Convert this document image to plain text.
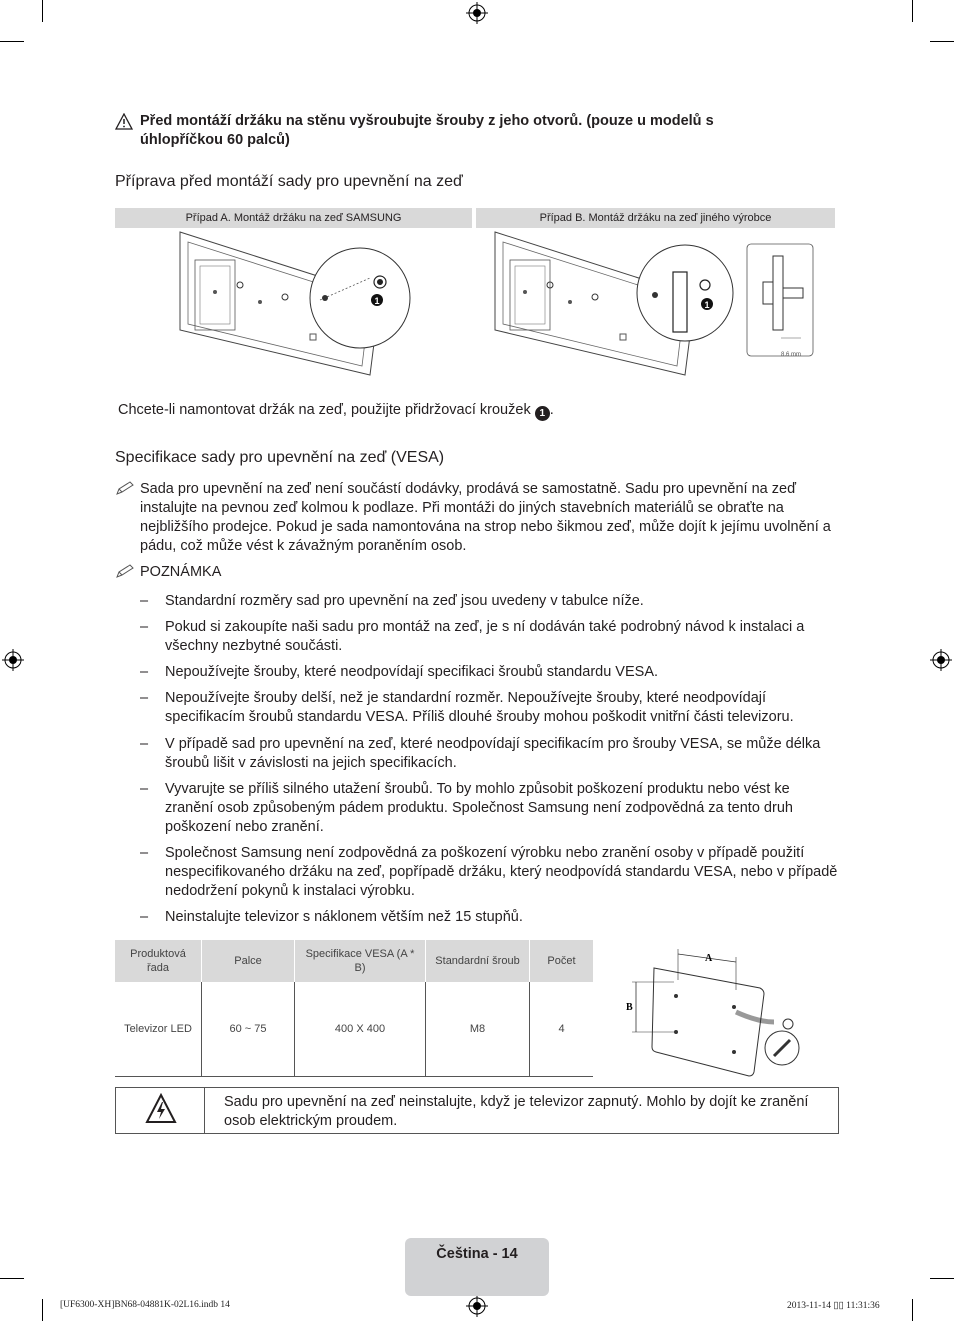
Před montáží držáku na stěnu vyšroubujte šrouby z jeho otvorů. (pouze u modelů s úhlopříčkou 60 palců)
Příprava před montáží sady pro upevnění na zeď
Případ A. Montáž držáku na zeď SAMSUNG	Případ B. Montáž držáku na zeď jiného výrobce
1	1
8.6 mm
Chcete-li namontovat držák na zeď, použijte přidržovací kroužek 1 .
Specifikace sady pro upevnění na zeď (VESA)
Sada pro upevnění na zeď není součástí dodávky, prodává se samostatně. Sadu pro upevnění na zeď instalujte na pevnou zeď kolmou k podlaze. Při montáži do jiných stavebních materiálů se obraťte na nejbližšího prodejce. Pokud je sada namontována na strop nebo šikmou zeď, může dojít k jejímu uvolnění a pádu, což může vést k závažným poraněním osob.
POZNÁMKA
– Standardní rozměry sad pro upevnění na zeď jsou uvedeny v tabulce níže.
– Pokud si zakoupíte naši sadu pro montáž na zeď, je s ní dodáván také podrobný návod k instalaci a všechny nezbytné součásti.
– Nepoužívejte šrouby, které neodpovídají specifikaci šroubů standardu VESA.
– Nepoužívejte šrouby delší, než je standardní rozměr. Nepoužívejte šrouby, které neodpovídají specifikacím šroubů standardu VESA. Příliš dlouhé šrouby mohou poškodit vnitřní části televizoru.
– V případě sad pro upevnění na zeď, které neodpovídají specifikacím pro šrouby VESA, se může délka šroubů lišit v závislosti na jejich specifikacích.
– Vyvarujte se příliš silného utažení šroubů. To by mohlo způsobit poškození produktu nebo vést ke zranění osob způsobeným pádem produktu. Společnost Samsung není zodpovědná za tento druh poškození nebo zranění.
– Společnost Samsung není zodpovědná za poškození výrobku nebo zranění osoby v případě použití nespecifikovaného držáku na zeď, popřípadě držáku, který neodpovídá standardu VESA, nebo v případě nedodržení pokynů k instalaci výrobku.
– Neinstalujte televizor s náklonem větším než 15 stupňů.
Produktová řada	Palce	Specifikace VESA (A * B)	Standardní šroub	Počet
Televizor LED	60 ~ 75	400 X 400	M8	4
A
B
Sadu pro upevnění na zeď neinstalujte, když je televizor zapnutý. Mohlo by dojít ke zranění osob elektrickým proudem.
Čeština - 14
[UF6300-XH]BN68-04881K-02L16.indb 14	2013-11-14 ▯▯ 11:31:36
